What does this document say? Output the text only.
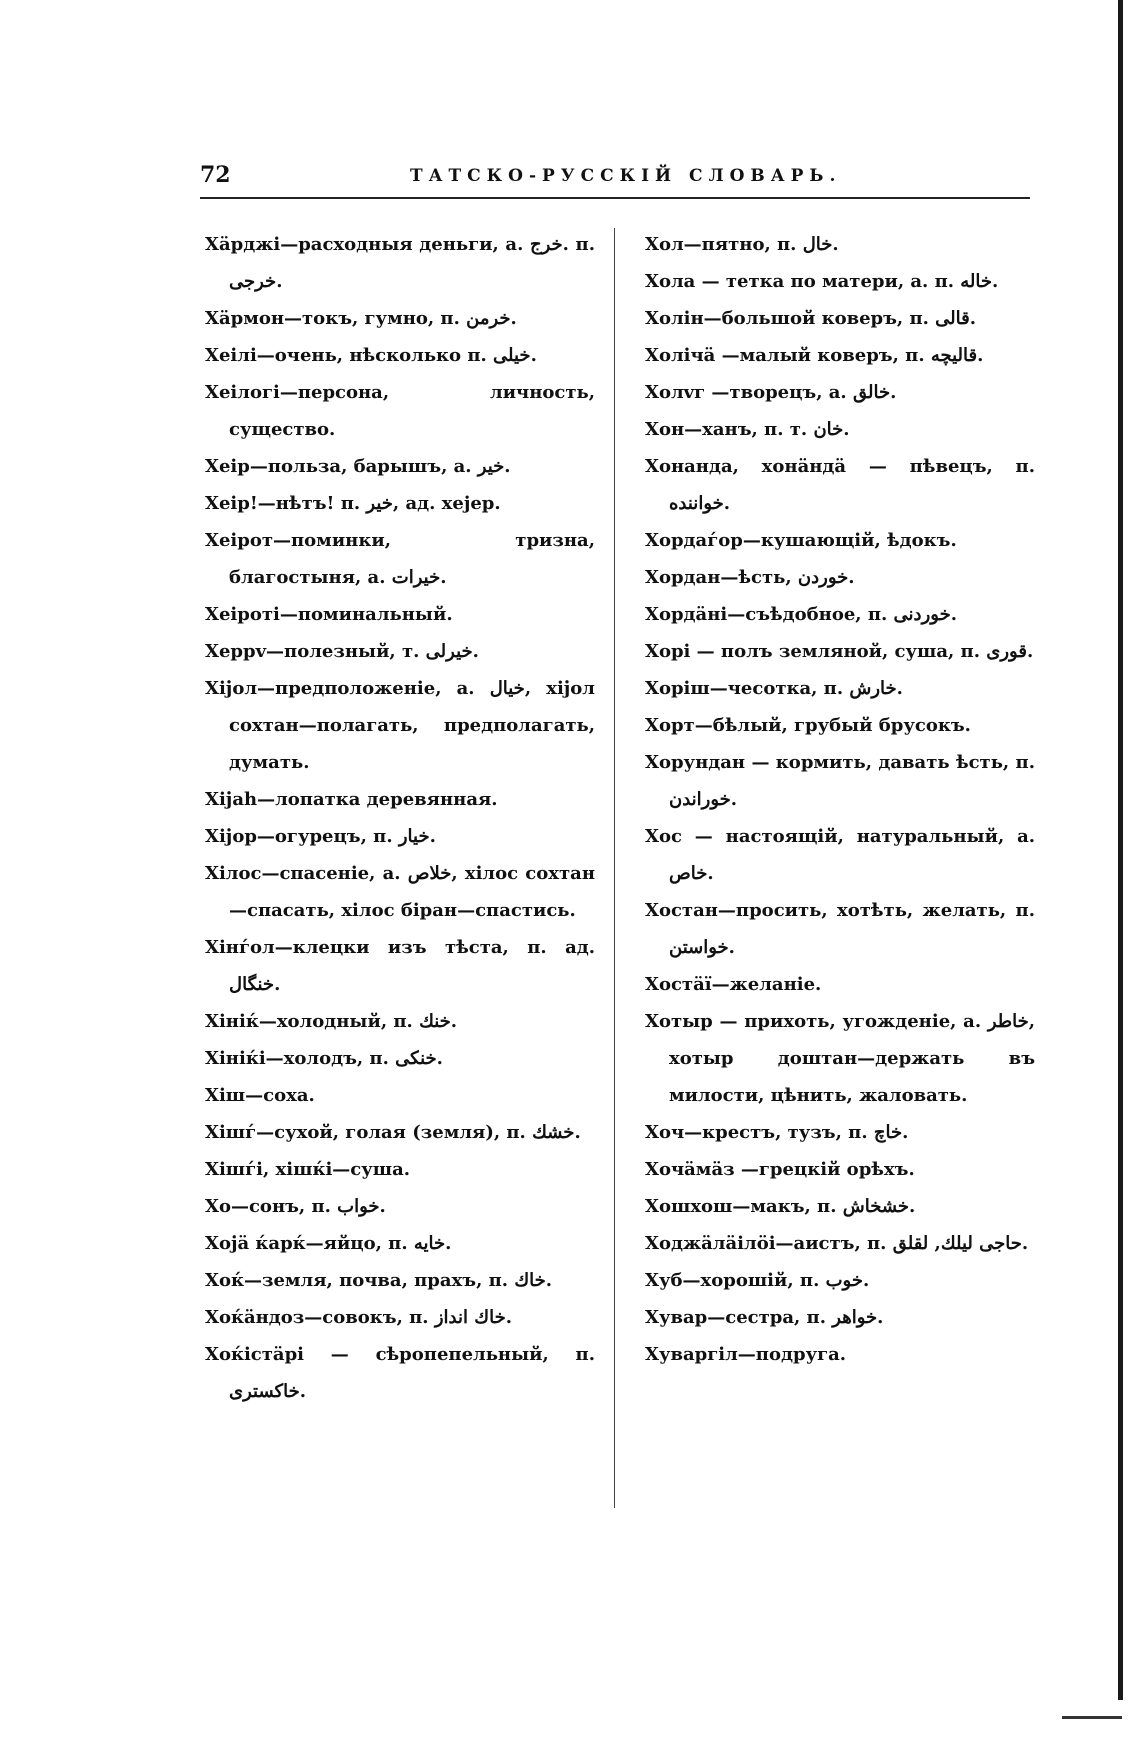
72	ТАТСКО-РУССКІЙ СЛОВАРЬ.
Хäрджi—расходныя деньги, а. خرج. п. خرجى.
Хäрмон—токъ, гумно, п. خرمن.
Хеiлi—очень, нѣсколько п. خيلى.
Хеiлогi—персона, личность, существо.
Хеiр—польза, барышъ, а. خير.
Хеiр!—нѣтъ! п. خير, ад. хеjер.
Хеiрот—поминки, тризна, благостыня, а. خيرات.
Хеiротi—поминальный.
Херрv—полезный, т. خيرلى.
Хiјол—предположенiе, а. خيال, хiјол сохтан—полагать, предполагать, думать.
Хiјаh—лопатка деревянная.
Хiјор—огурецъ, п. خيار.
Хiлос—спасенiе, а. خلاص, хiлос сохтан—спасать, хiлос біран—спастись.
Хiнѓол—клецки изъ тѣста, п. ад. خنگال.
Хiнiќ—холодный, п. خنك.
Хiнiќi—холодъ, п. خنكى.
Хiш—соха.
Хiшѓ—сухой, голая (земля), п. خشك.
Хiшѓi, хiшќi—суша.
Хо—сонъ, п. خواب.
Хојä ќарќ—яйцо, п. خايه.
Хоќ—земля, почва, прахъ, п. خاك.
Хоќäндоз—совокъ, п. خاك انداز.
Хоќiстäрi — сѣропепельный, п. خاكسترى.
Хол—пятно, п. خال.
Хола — тетка по матери, а. п. خاله.
Холiн—большой коверъ, п. قالى.
Холiчä —малый коверъ, п. قاليچه.
Холvг —творецъ, а. خالق.
Хон—ханъ, п. т. خان.
Хонанда, хонäндä — пѣвецъ, п. خواننده.
Хордаѓор—кушающiй, ѣдокъ.
Хордан—ѣсть, خوردن.
Хордäнi—съѣдобное, п. خوردنى.
Хорi — полъ земляной, суша, п. قورى.
Хорiш—чесотка, п. خارش.
Хорт—бѣлый, грубый брусокъ.
Хорундан — кормить, давать ѣсть, п. خوراندن.
Хос — настоящiй, натуральный, а. خاص.
Хостан—просить, хотѣть, желать, п. خواستن.
Хостäï—желанiе.
Хотыр — прихоть, угожденiе, а. خاطر, хотыр доштан—держать въ милости, цѣнить, жаловать.
Хоч—крестъ, тузъ, п. خاچ.
Хочäмäз —грецкiй орѣхъ.
Хошхош—макъ, п. خشخاش.
Ходжäлäiлöi—аистъ, п. حاجى ليلك, لقلق.
Хуб—хорошiй, п. خوب.
Хувар—сестра, п. خواهر.
Хуваргiл—подруга.
